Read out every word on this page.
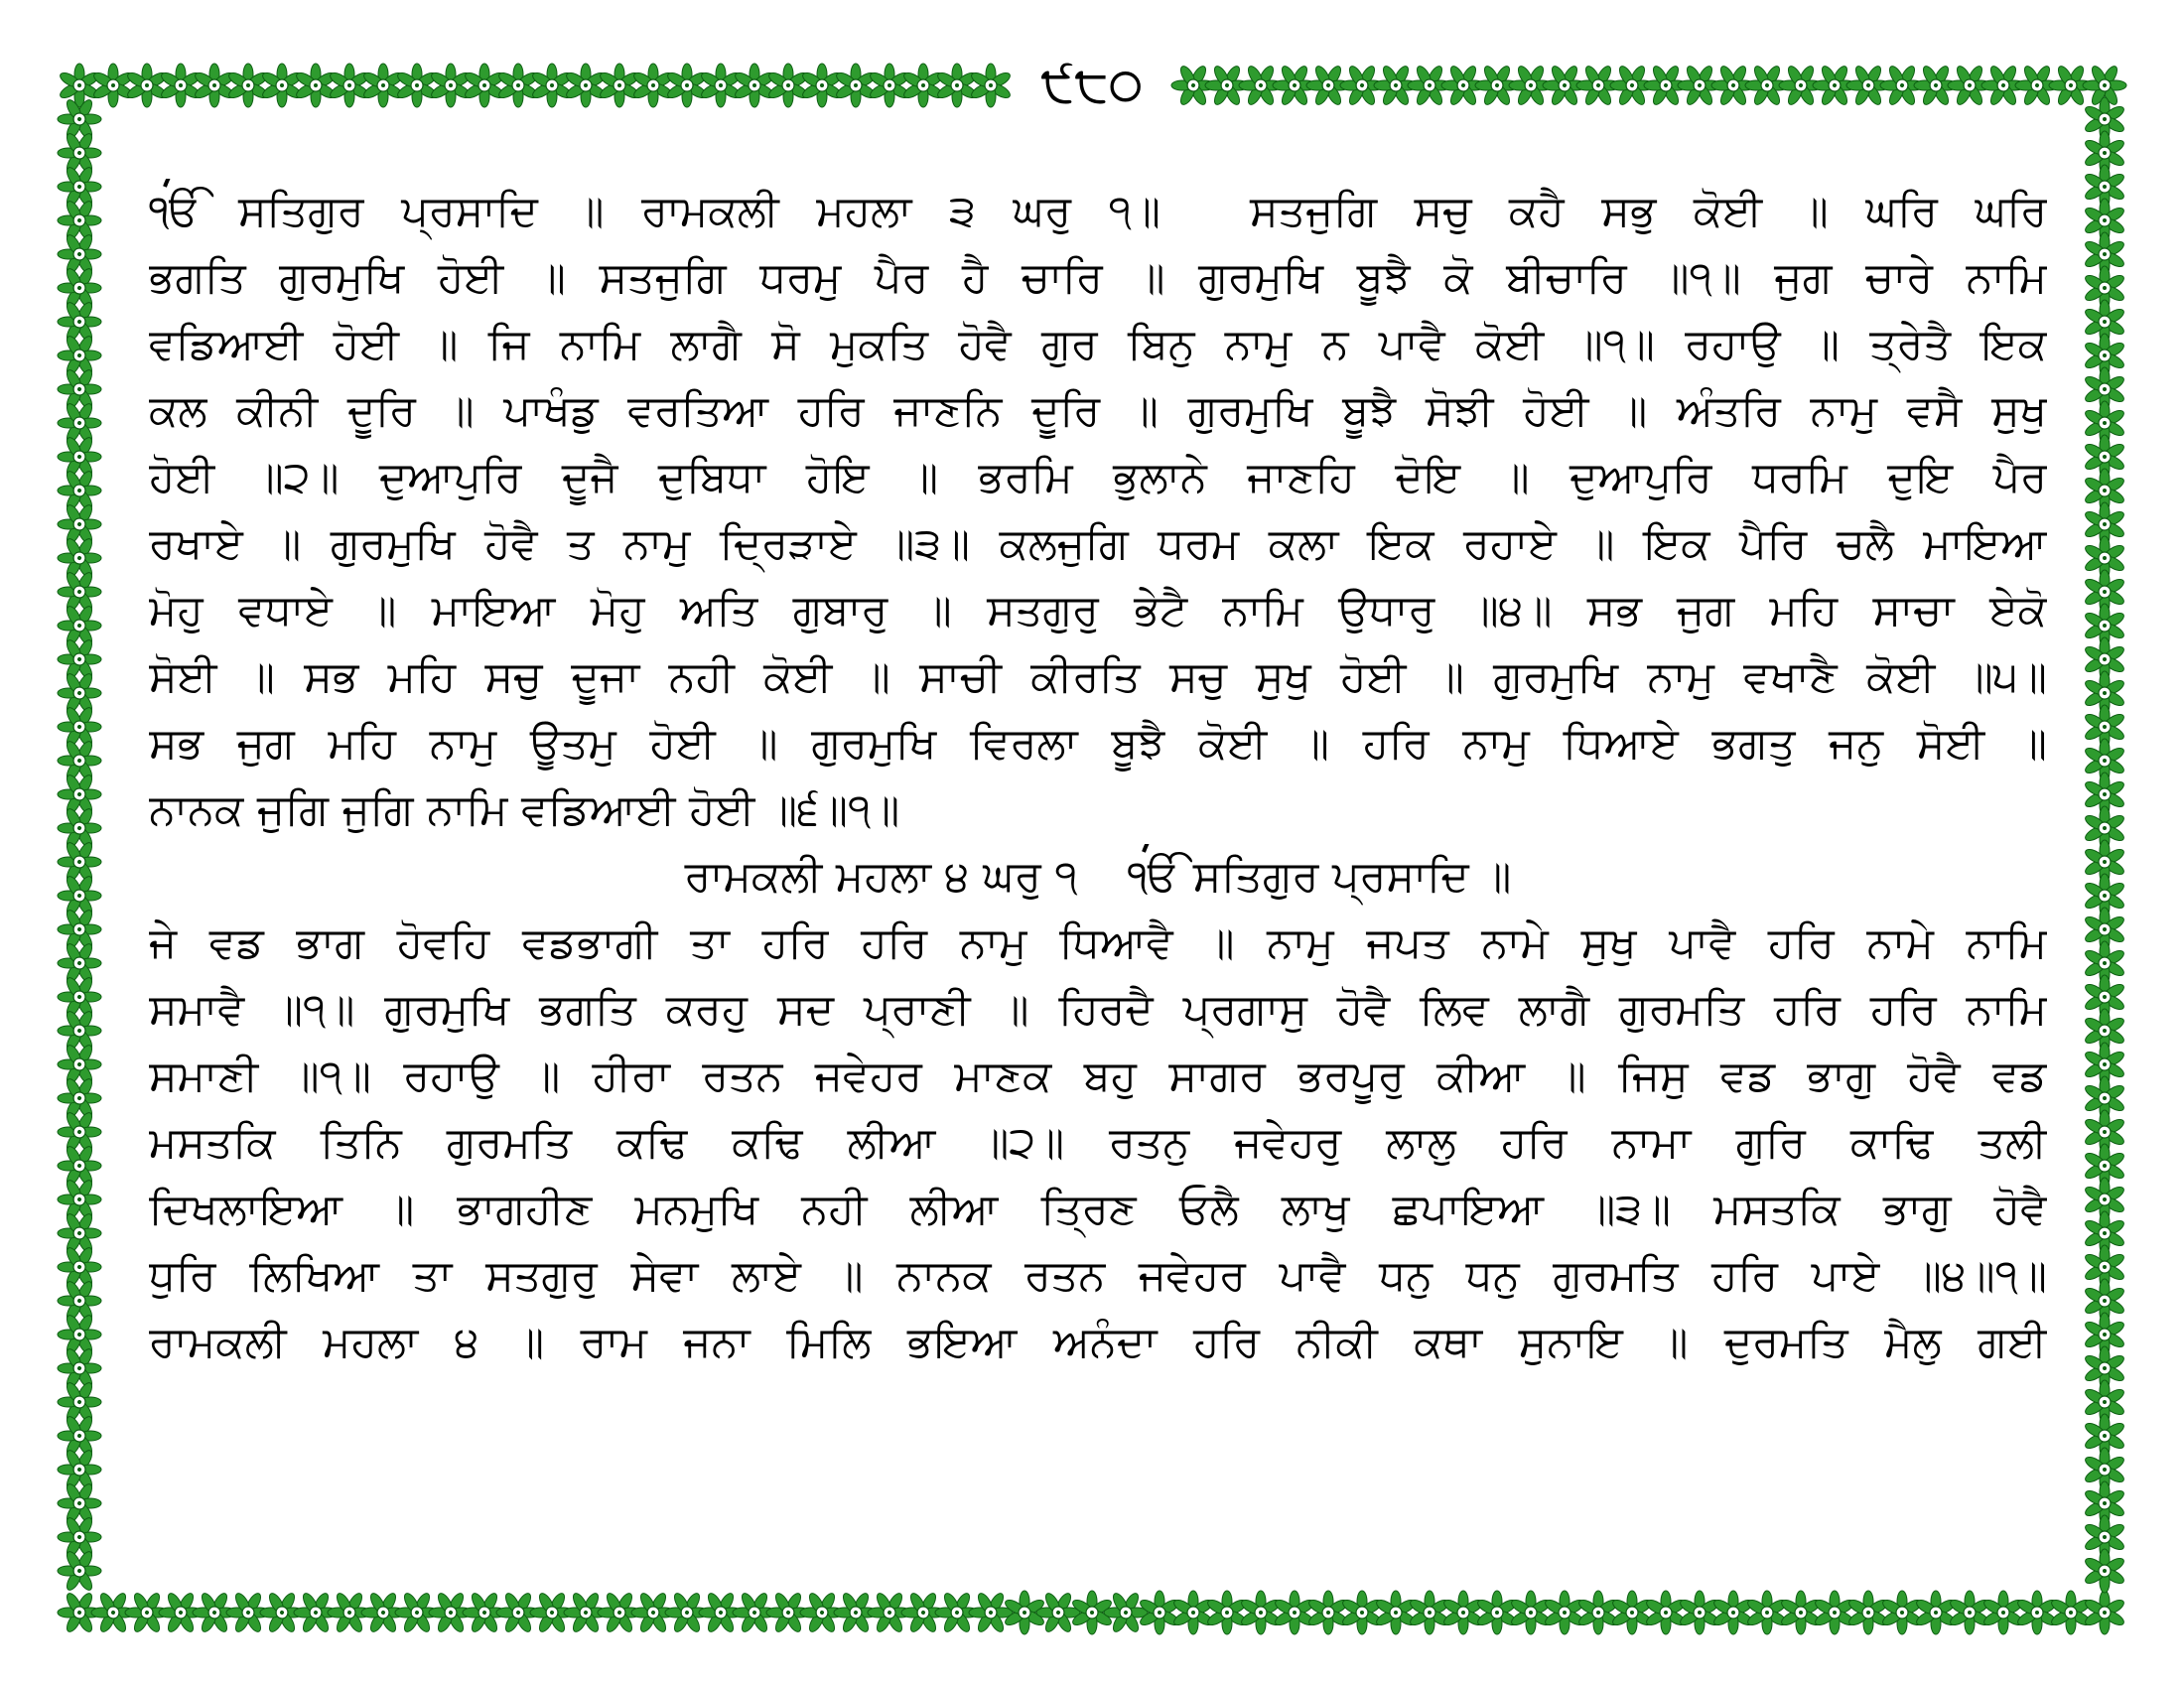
੯੮੦
ੴ ਸਤਿਗੁਰ ਪ੍ਰਸਾਦਿ ॥ ਰਾਮਕਲੀ ਮਹਲਾ ੩ ਘਰੁ ੧॥ ਸਤਜੁਗਿ ਸਚੁ ਕਹੈ ਸਭੁ ਕੋਈ ॥ ਘਰਿ ਘਰਿ
ਭਗਤਿ ਗੁਰਮੁਖਿ ਹੋਈ ॥ ਸਤਜੁਗਿ ਧਰਮੁ ਪੈਰ ਹੈ ਚਾਰਿ ॥ ਗੁਰਮੁਖਿ ਬੂਝੈ ਕੋ ਬੀਚਾਰਿ ॥੧॥ ਜੁਗ ਚਾਰੇ ਨਾਮਿ
ਵਡਿਆਈ ਹੋਈ ॥ ਜਿ ਨਾਮਿ ਲਾਗੈ ਸੋ ਮੁਕਤਿ ਹੋਵੈ ਗੁਰ ਬਿਨੁ ਨਾਮੁ ਨ ਪਾਵੈ ਕੋਈ ॥੧॥ ਰਹਾਉ ॥ ਤ੍ਰੇਤੈ ਇਕ
ਕਲ ਕੀਨੀ ਦੂਰਿ ॥ ਪਾਖੰਡੁ ਵਰਤਿਆ ਹਰਿ ਜਾਣਨਿ ਦੂਰਿ ॥ ਗੁਰਮੁਖਿ ਬੂਝੈ ਸੋਝੀ ਹੋਈ ॥ ਅੰਤਰਿ ਨਾਮੁ ਵਸੈ ਸੁਖੁ
ਹੋਈ ॥੨॥ ਦੁਆਪੁਰਿ ਦੂਜੈ ਦੁਬਿਧਾ ਹੋਇ ॥ ਭਰਮਿ ਭੁਲਾਨੇ ਜਾਣਹਿ ਦੋਇ ॥ ਦੁਆਪੁਰਿ ਧਰਮਿ ਦੁਇ ਪੈਰ
ਰਖਾਏ ॥ ਗੁਰਮੁਖਿ ਹੋਵੈ ਤ ਨਾਮੁ ਦ੍ਰਿੜਾਏ ॥੩॥ ਕਲਜੁਗਿ ਧਰਮ ਕਲਾ ਇਕ ਰਹਾਏ ॥ ਇਕ ਪੈਰਿ ਚਲੈ ਮਾਇਆ
ਮੋਹੁ ਵਧਾਏ ॥ ਮਾਇਆ ਮੋਹੁ ਅਤਿ ਗੁਬਾਰੁ ॥ ਸਤਗੁਰੁ ਭੇਟੈ ਨਾਮਿ ਉਧਾਰੁ ॥੪॥ ਸਭ ਜੁਗ ਮਹਿ ਸਾਚਾ ਏਕੋ
ਸੋਈ ॥ ਸਭ ਮਹਿ ਸਚੁ ਦੂਜਾ ਨਹੀ ਕੋਈ ॥ ਸਾਚੀ ਕੀਰਤਿ ਸਚੁ ਸੁਖੁ ਹੋਈ ॥ ਗੁਰਮੁਖਿ ਨਾਮੁ ਵਖਾਣੈ ਕੋਈ ॥੫॥
ਸਭ ਜੁਗ ਮਹਿ ਨਾਮੁ ਊਤਮੁ ਹੋਈ ॥ ਗੁਰਮੁਖਿ ਵਿਰਲਾ ਬੂਝੈ ਕੋਈ ॥ ਹਰਿ ਨਾਮੁ ਧਿਆਏ ਭਗਤੁ ਜਨੁ ਸੋਈ ॥
ਨਾਨਕ ਜੁਗਿ ਜੁਗਿ ਨਾਮਿ ਵਡਿਆਈ ਹੋਈ ॥੬॥੧॥
ਰਾਮਕਲੀ ਮਹਲਾ ੪ ਘਰੁ ੧ ੴ ਸਤਿਗੁਰ ਪ੍ਰਸਾਦਿ ॥
ਜੇ ਵਡ ਭਾਗ ਹੋਵਹਿ ਵਡਭਾਗੀ ਤਾ ਹਰਿ ਹਰਿ ਨਾਮੁ ਧਿਆਵੈ ॥ ਨਾਮੁ ਜਪਤ ਨਾਮੇ ਸੁਖੁ ਪਾਵੈ ਹਰਿ ਨਾਮੇ ਨਾਮਿ
ਸਮਾਵੈ ॥੧॥ ਗੁਰਮੁਖਿ ਭਗਤਿ ਕਰਹੁ ਸਦ ਪ੍ਰਾਣੀ ॥ ਹਿਰਦੈ ਪ੍ਰਗਾਸੁ ਹੋਵੈ ਲਿਵ ਲਾਗੈ ਗੁਰਮਤਿ ਹਰਿ ਹਰਿ ਨਾਮਿ
ਸਮਾਣੀ ॥੧॥ ਰਹਾਉ ॥ ਹੀਰਾ ਰਤਨ ਜਵੇਹਰ ਮਾਣਕ ਬਹੁ ਸਾਗਰ ਭਰਪੂਰੁ ਕੀਆ ॥ ਜਿਸੁ ਵਡ ਭਾਗੁ ਹੋਵੈ ਵਡ
ਮਸਤਕਿ ਤਿਨਿ ਗੁਰਮਤਿ ਕਢਿ ਕਢਿ ਲੀਆ ॥੨॥ ਰਤਨੁ ਜਵੇਹਰੁ ਲਾਲੁ ਹਰਿ ਨਾਮਾ ਗੁਰਿ ਕਾਢਿ ਤਲੀ
ਦਿਖਲਾਇਆ ॥ ਭਾਗਹੀਣ ਮਨਮੁਖਿ ਨਹੀ ਲੀਆ ਤ੍ਰਿਣ ਓਲੈ ਲਾਖੁ ਛਪਾਇਆ ॥੩॥ ਮਸਤਕਿ ਭਾਗੁ ਹੋਵੈ
ਧੁਰਿ ਲਿਖਿਆ ਤਾ ਸਤਗੁਰੁ ਸੇਵਾ ਲਾਏ ॥ ਨਾਨਕ ਰਤਨ ਜਵੇਹਰ ਪਾਵੈ ਧਨੁ ਧਨੁ ਗੁਰਮਤਿ ਹਰਿ ਪਾਏ ॥੪॥੧॥
ਰਾਮਕਲੀ ਮਹਲਾ ੪ ॥ ਰਾਮ ਜਨਾ ਮਿਲਿ ਭਇਆ ਅਨੰਦਾ ਹਰਿ ਨੀਕੀ ਕਥਾ ਸੁਨਾਇ ॥ ਦੁਰਮਤਿ ਮੈਲੁ ਗਈ
